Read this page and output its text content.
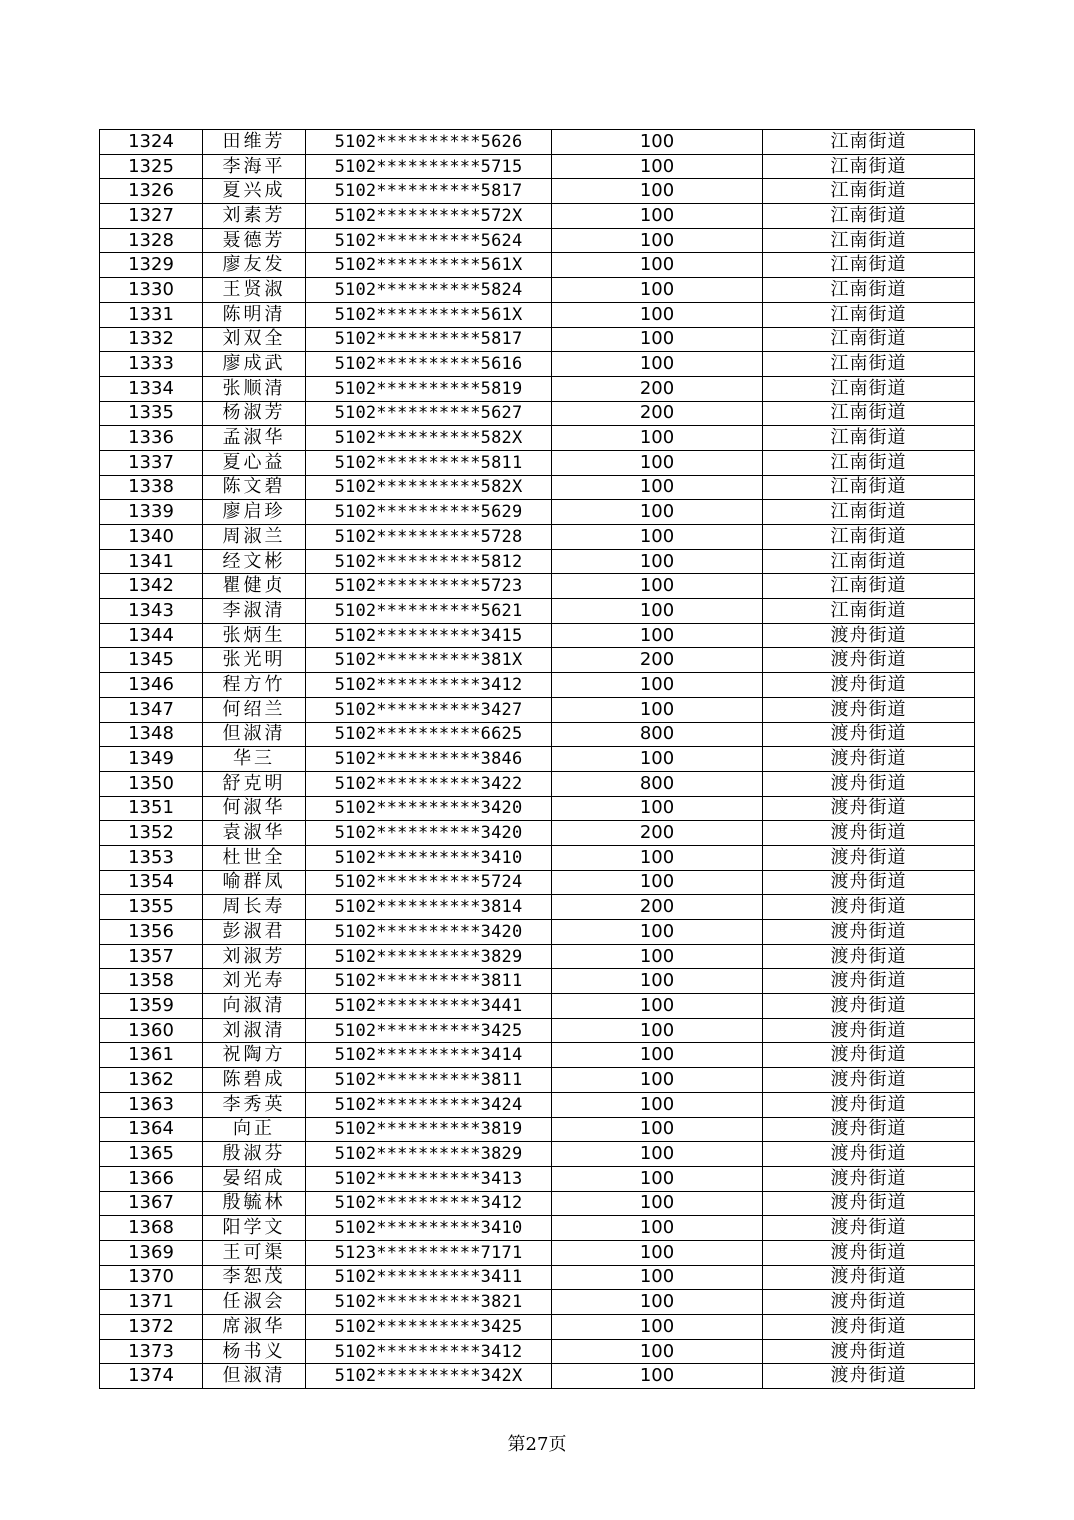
1324	田维芳	5102**********5626	100	江南街道
1325	李海平	5102**********5715	100	江南街道
1326	夏兴成	5102**********5817	100	江南街道
1327	刘素芳	5102**********572X	100	江南街道
1328	聂德芳	5102**********5624	100	江南街道
1329	廖友发	5102**********561X	100	江南街道
1330	王贤淑	5102**********5824	100	江南街道
1331	陈明清	5102**********561X	100	江南街道
1332	刘双全	5102**********5817	100	江南街道
1333	廖成武	5102**********5616	100	江南街道
1334	张顺清	5102**********5819	200	江南街道
1335	杨淑芳	5102**********5627	200	江南街道
1336	孟淑华	5102**********582X	100	江南街道
1337	夏心益	5102**********5811	100	江南街道
1338	陈文碧	5102**********582X	100	江南街道
1339	廖启珍	5102**********5629	100	江南街道
1340	周淑兰	5102**********5728	100	江南街道
1341	经文彬	5102**********5812	100	江南街道
1342	瞿健贞	5102**********5723	100	江南街道
1343	李淑清	5102**********5621	100	江南街道
1344	张炳生	5102**********3415	100	渡舟街道
1345	张光明	5102**********381X	200	渡舟街道
1346	程方竹	5102**********3412	100	渡舟街道
1347	何绍兰	5102**********3427	100	渡舟街道
1348	但淑清	5102**********6625	800	渡舟街道
1349	华三	5102**********3846	100	渡舟街道
1350	舒克明	5102**********3422	800	渡舟街道
1351	何淑华	5102**********3420	100	渡舟街道
1352	袁淑华	5102**********3420	200	渡舟街道
1353	杜世全	5102**********3410	100	渡舟街道
1354	喻群凤	5102**********5724	100	渡舟街道
1355	周长寿	5102**********3814	200	渡舟街道
1356	彭淑君	5102**********3420	100	渡舟街道
1357	刘淑芳	5102**********3829	100	渡舟街道
1358	刘光寿	5102**********3811	100	渡舟街道
1359	向淑清	5102**********3441	100	渡舟街道
1360	刘淑清	5102**********3425	100	渡舟街道
1361	祝陶方	5102**********3414	100	渡舟街道
1362	陈碧成	5102**********3811	100	渡舟街道
1363	李秀英	5102**********3424	100	渡舟街道
1364	向正	5102**********3819	100	渡舟街道
1365	殷淑芬	5102**********3829	100	渡舟街道
1366	晏绍成	5102**********3413	100	渡舟街道
1367	殷毓林	5102**********3412	100	渡舟街道
1368	阳学文	5102**********3410	100	渡舟街道
1369	王可渠	5123**********7171	100	渡舟街道
1370	李恕茂	5102**********3411	100	渡舟街道
1371	任淑会	5102**********3821	100	渡舟街道
1372	席淑华	5102**********3425	100	渡舟街道
1373	杨书义	5102**********3412	100	渡舟街道
1374	但淑清	5102**********342X	100	渡舟街道
第27页
